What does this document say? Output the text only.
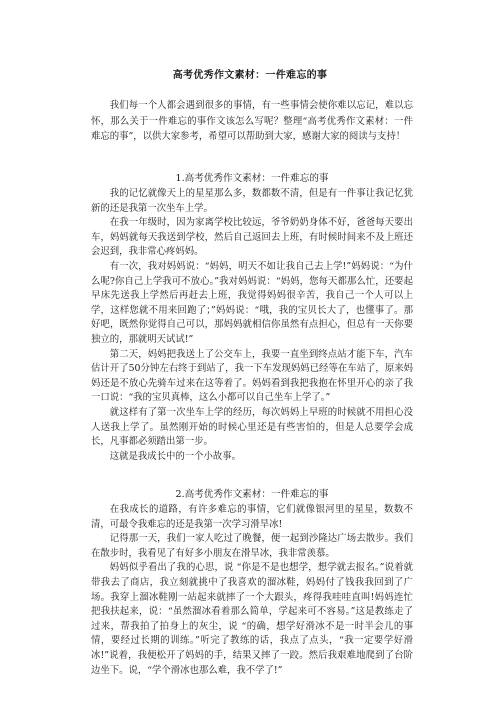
高考优秀作文素材：一件难忘的事

我们每一个人都会遇到很多的事情，有一些事情会使你难以忘记，难以忘怀，那么关于一件难忘的事作文该怎么写呢？整理“高考优秀作文素材：一件难忘的事”，以供大家参考，希望可以帮助到大家，感谢大家的阅读与支持！

1.高考优秀作文素材：一件难忘的事

我的记忆就像天上的星星那么多，数都数不清，但是有一件事让我记忆犹新的还是我第一次坐车上学。

在我一年级时，因为家离学校比较远，爷爷奶奶身体不好，爸爸每天要出车，妈妈就每天我送到学校，然后自己返回去上班，有时候时间来不及上班还会迟到，我非常心疼妈妈。

有一次，我对妈妈说：“妈妈，明天不如让我自己去上学!”妈妈说：“为什么呢?你自己上学我可不放心。”我对妈妈说：“妈妈，您每天都那么忙，还要起早床先送我上学然后再赶去上班，我觉得妈妈很辛苦，我自己一个人可以上学，这样您就不用来回跑了；”妈妈说：“哦，我的宝贝长大了，也懂事了。那好吧，既然你觉得自己可以，那妈妈就相信你虽然有点担心，但总有一天你要独立的，那就明天试试!”

第二天，妈妈把我送上了公交车上，我要一直坐到终点站才能下车，汽车估计开了50分钟左右终于到站了，我一下车发现妈妈已经等在车站了，原来妈妈还是不放心先骑车过来在这等着了。妈妈看到我把我抱在怀里开心的亲了我一口说：“我的宝贝真棒，这么小都可以自己坐车上学了。”

就这样有了第一次坐车上学的经历，每次妈妈上早班的时候就不用担心没人送我上学了。虽然刚开始的时候心里还是有些害怕的，但是人总要学会成长，凡事都必须踏出第一步。

这就是我成长中的一个小故事。

2.高考优秀作文素材：一件难忘的事

在我成长的道路，有许多难忘的事情，它们就像银河里的星星，数数不清，可最令我难忘的还是我第一次学习滑旱冰!

记得那一天，我们一家人吃过了晚餐，便一起到沙隆达广场去散步。我们在散步时，我看见了有好多小朋友在滑旱冰，我非常羡慕。

妈妈似乎看出了我的心思，说 “你是不是也想学，想学就去报名。”说着就带我去了商店，我立刻就挑中了我喜欢的溜冰鞋，妈妈付了钱我我回到了广场。我穿上溜冰鞋刚一站起来就摔了一个大跟头，疼得我哇哇直叫!妈妈连忙把我扶起来，说：“虽然溜冰看着那么简单，学起来可不容易。”这是教练走了过来，帮我拍了拍身上的灰尘，说 “的确，想学好滑冰不是一时半会儿的事情，要经过长期的训练。”听完了教练的话，我点了点头，“我一定要学好滑冰!”说着，我便松开了妈妈的手，结果又摔了一跤。然后我艰难地爬到了台阶边坐下。说，“学个滑冰也那么难，我不学了!”
